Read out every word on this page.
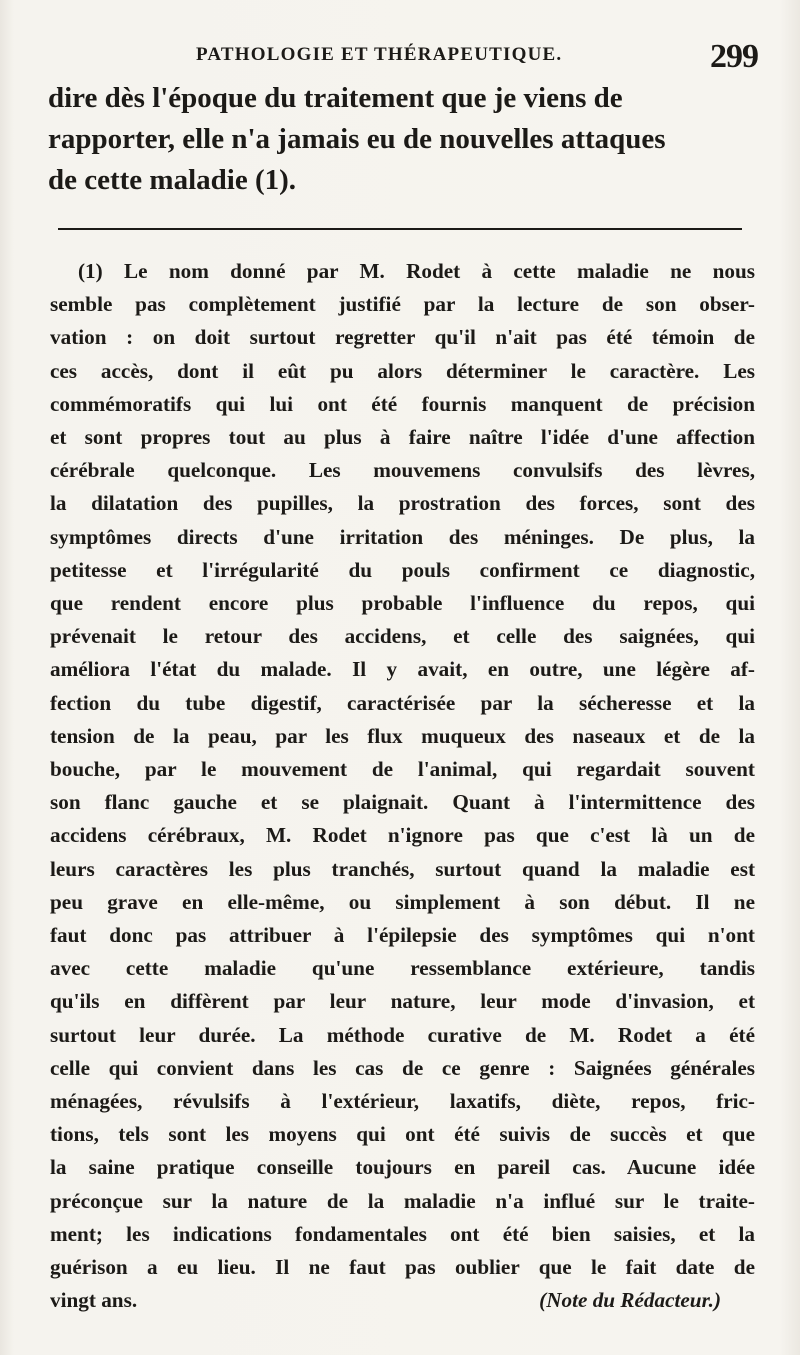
PATHOLOGIE ET THÉRAPEUTIQUE.	299
dire dès l'époque du traitement que je viens de
rapporter, elle n'a jamais eu de nouvelles attaques
de cette maladie (1).
(1) Le nom donné par M. Rodet à cette maladie ne nous
semble pas complètement justifié par la lecture de son obser-
vation : on doit surtout regretter qu'il n'ait pas été témoin de
ces accès, dont il eût pu alors déterminer le caractère. Les
commémoratifs qui lui ont été fournis manquent de précision
et sont propres tout au plus à faire naître l'idée d'une affection
cérébrale quelconque. Les mouvemens convulsifs des lèvres,
la dilatation des pupilles, la prostration des forces, sont des
symptômes directs d'une irritation des méninges. De plus, la
petitesse et l'irrégularité du pouls confirment ce diagnostic,
que rendent encore plus probable l'influence du repos, qui
prévenait le retour des accidens, et celle des saignées, qui
améliora l'état du malade. Il y avait, en outre, une légère af-
fection du tube digestif, caractérisée par la sécheresse et la
tension de la peau, par les flux muqueux des naseaux et de la
bouche, par le mouvement de l'animal, qui regardait souvent
son flanc gauche et se plaignait. Quant à l'intermittence des
accidens cérébraux, M. Rodet n'ignore pas que c'est là un de
leurs caractères les plus tranchés, surtout quand la maladie est
peu grave en elle-même, ou simplement à son début. Il ne
faut donc pas attribuer à l'épilepsie des symptômes qui n'ont
avec cette maladie qu'une ressemblance extérieure, tandis
qu'ils en diffèrent par leur nature, leur mode d'invasion, et
surtout leur durée. La méthode curative de M. Rodet a été
celle qui convient dans les cas de ce genre : Saignées générales
ménagées, révulsifs à l'extérieur, laxatifs, diète, repos, fric-
tions, tels sont les moyens qui ont été suivis de succès et que
la saine pratique conseille toujours en pareil cas. Aucune idée
préconçue sur la nature de la maladie n'a influé sur le traite-
ment; les indications fondamentales ont été bien saisies, et la
guérison a eu lieu. Il ne faut pas oublier que le fait date de
vingt ans.	(Note du Rédacteur.)
